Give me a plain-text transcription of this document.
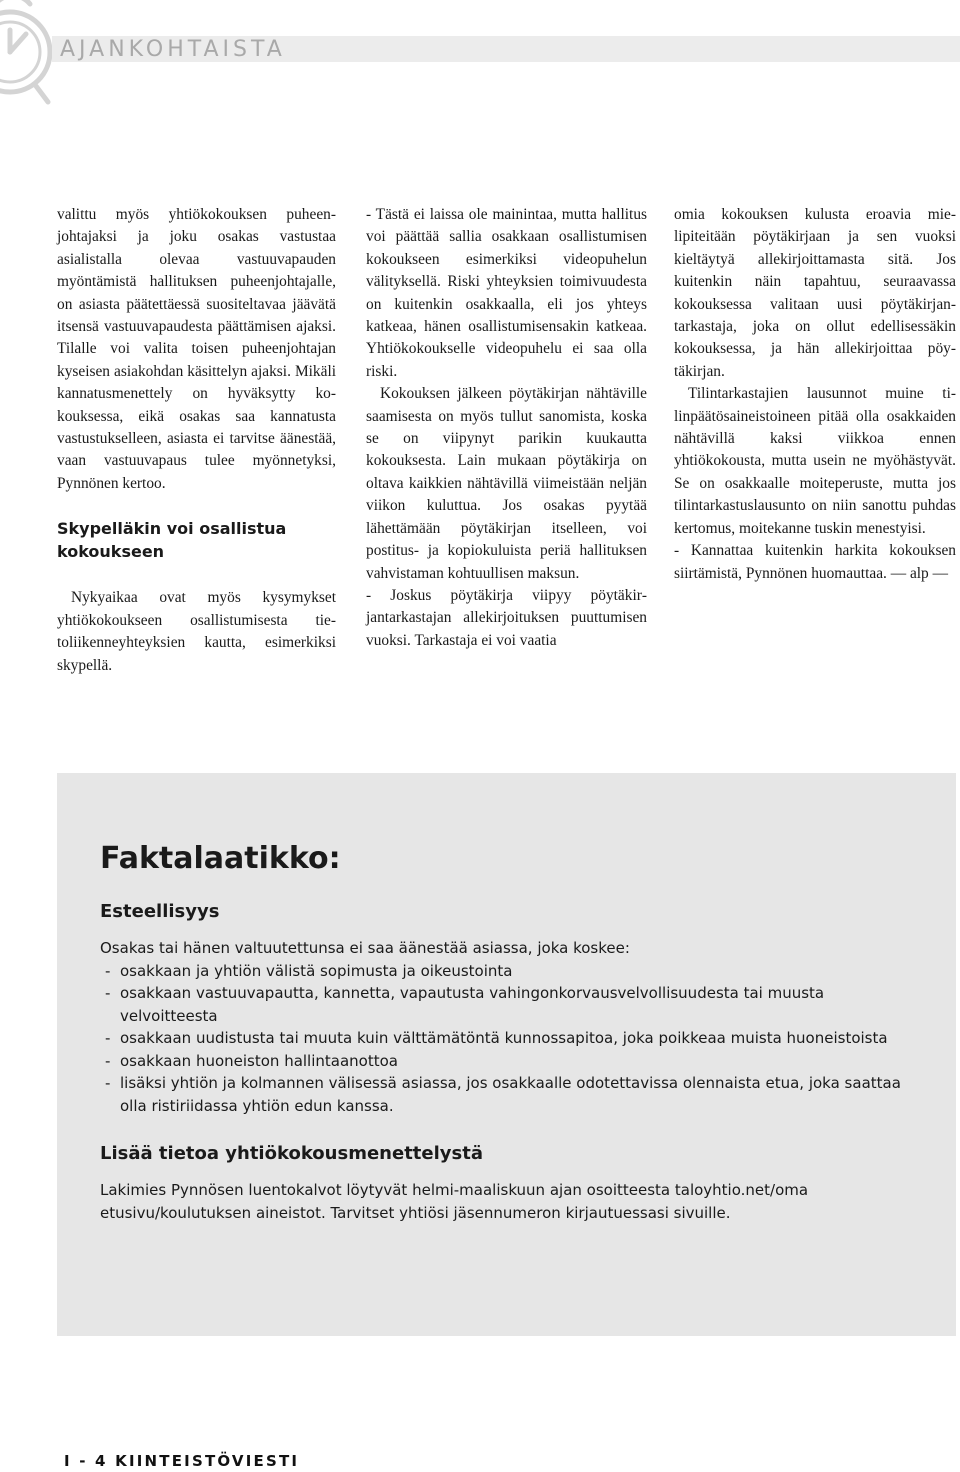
AJANKOHTAISTA

valittu myös yhtiökokouksen puheenjohtajaksi ja joku osakas vastustaa asialistalla olevaa vastuuvapauden myöntämistä hallituksen puheenjohtajalle, on asiasta päätettäessä suositeltavaa jäävätä itsensä vastuuvapaudesta päättämisen ajaksi. Tilalle voi valita toisen puheenjohtajan kyseisen asiakohdan käsittelyn ajaksi. Mikäli kannatusmenettely on hyväksytty kokouksessa, eikä osakas saa kannatusta vastustukselleen, asiasta ei tarvitse äänestää, vaan vastuuvapaus tulee myönnetyksi, Pynnönen kertoo.

Skypelläkin voi osallistua kokoukseen

Nykyaikaa ovat myös kysymykset yhtiökokoukseen osallistumisesta tietoliikenneyhteyksien kautta, esimerkiksi skypellä.

- Tästä ei laissa ole mainintaa, mutta hallitus voi päättää sallia osakkaan osallistumisen kokoukseen esimerkiksi videopuhelun välityksellä. Riski yhteyksien toimivuudesta on kuitenkin osakkaalla, eli jos yhteys katkeaa, hänen osallistumisensakin katkeaa. Yhtiökokoukselle videopuhelu ei saa olla riski.

Kokouksen jälkeen pöytäkirjan nähtäville saamisesta on myös tullut sanomista, koska se on viipynyt parikin kuukautta kokouksesta. Lain mukaan pöytäkirja on oltava kaikkien nähtävillä viimeistään neljän viikon kuluttua. Jos osakas pyytää lähettämään pöytäkirjan itselleen, voi postitus- ja kopiokuluista periä hallituksen vahvistaman kohtuullisen maksun.

- Joskus pöytäkirja viipyy pöytäkirjantarkastajan allekirjoituksen puuttumisen vuoksi. Tarkastaja ei voi vaatia

omia kokouksen kulusta eroavia mielipiteitään pöytäkirjaan ja sen vuoksi kieltäytyä allekirjoittamasta sitä. Jos kuitenkin näin tapahtuu, seuraavassa kokouksessa valitaan uusi pöytäkirjantarkastaja, joka on ollut edellisessäkin kokouksessa, ja hän allekirjoittaa pöytäkirjan.

Tilintarkastajien lausunnot muine tilinpäätösaineistoineen pitää olla osakkaiden nähtävillä kaksi viikkoa ennen yhtiökokousta, mutta usein ne myöhästyvät. Se on osakkaalle moiteperuste, mutta jos tilintarkastuslausunto on niin sanottu puhdas kertomus, moitekanne tuskin menestyisi.

- Kannattaa kuitenkin harkita kokouksen siirtämistä, Pynnönen huomauttaa. — alp —

Faktalaatikko:
Esteellisyys

Osakas tai hänen valtuutettunsa ei saa äänestää asiassa, joka koskee:

- osakkaan ja yhtiön välistä sopimusta ja oikeustointa
- osakkaan vastuuvapautta, kannetta, vapautusta vahingonkorvausvelvollisuudesta tai muusta velvoitteesta
- osakkaan uudistusta tai muuta kuin välttämätöntä kunnossapitoa, joka poikkeaa muista huoneistoista
- osakkaan huoneiston hallintaanottoa
- lisäksi yhtiön ja kolmannen välisessä asiassa, jos osakkaalle odotettavissa olennaista etua, joka saattaa olla ristiriidassa yhtiön edun kanssa.
Lisää tietoa yhtiökokousmenettelystä

Lakimies Pynnösen luentokalvot löytyvät helmi-maaliskuun ajan osoitteesta taloyhtio.net/oma etusivu/koulutuksen aineistot. Tarvitset yhtiösi jäsennumeron kirjautuessasi sivuille.

I - 4 KIINTEISTÖVIESTI
